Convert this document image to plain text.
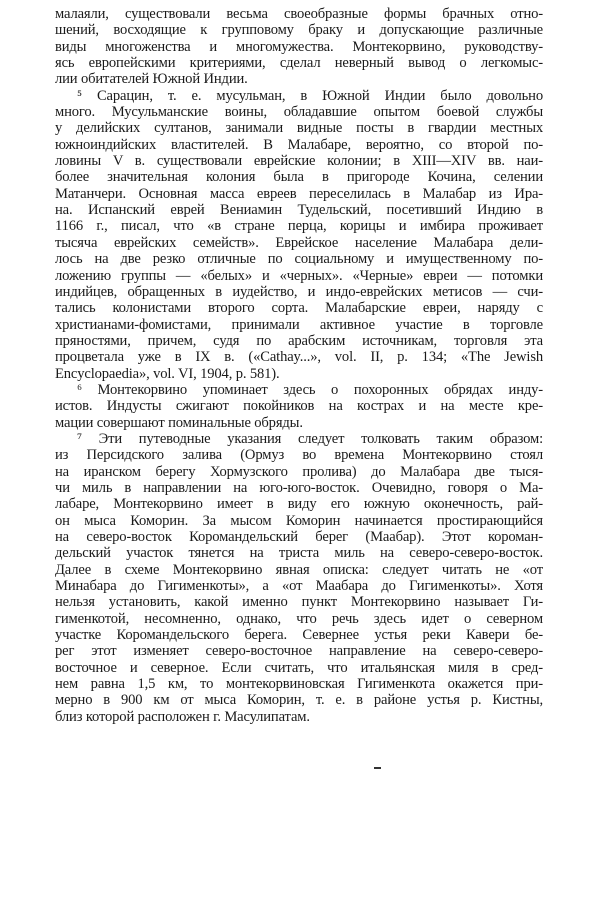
малаяли, существовали весьма своеобразные формы брачных отно-
шений, восходящие к групповому браку и допускающие различные
виды многоженства и многомужества. Монтекорвино, руководству-
ясь европейскими критериями, сделал неверный вывод о легкомыс-
лии обитателей Южной Индии.
⁵ Сарацин, т. е. мусульман, в Южной Индии было довольно
много. Мусульманские воины, обладавшие опытом боевой службы
у делийских султанов, занимали видные посты в гвардии местных
южноиндийских властителей. В Малабаре, вероятно, со второй по-
ловины V в. существовали еврейские колонии; в XIII—XIV вв. наи-
более значительная колония была в пригороде Кочина, селении
Матанчери. Основная масса евреев переселилась в Малабар из Ира-
на. Испанский еврей Вениамин Тудельский, посетивший Индию в
1166 г., писал, что «в стране перца, корицы и имбира проживает
тысяча еврейских семейств». Еврейское население Малабара дели-
лось на две резко отличные по социальному и имущественному по-
ложению группы — «белых» и «черных». «Черные» евреи — потомки
индийцев, обращенных в иудейство, и индо-еврейских метисов — счи-
тались колонистами второго сорта. Малабарские евреи, наряду с
христианами-фомистами, принимали активное участие в торговле
пряностями, причем, судя по арабским источникам, торговля эта
процветала уже в IX в. («Cathay...», vol. II, p. 134; «The Jewish
Encyclopaedia», vol. VI, 1904, p. 581).
⁶ Монтекорвино упоминает здесь о похоронных обрядах инду-
истов. Индусты сжигают покойников на кострах и на месте кре-
мации совершают поминальные обряды.
⁷ Эти путеводные указания следует толковать таким образом:
из Персидского залива (Ормуз во времена Монтекорвино стоял
на иранском берегу Хормузского пролива) до Малабара две тыся-
чи миль в направлении на юго-юго-восток. Очевидно, говоря о Ма-
лабаре, Монтекорвино имеет в виду его южную оконечность, рай-
он мыса Коморин. За мысом Коморин начинается простирающийся
на северо-восток Коромандельский берег (Маабар). Этот короман-
дельский участок тянется на триста миль на северо-северо-восток.
Далее в схеме Монтекорвино явная описка: следует читать не «от
Минабара до Гигименкоты», а «от Маабара до Гигименкоты». Хотя
нельзя установить, какой именно пункт Монтекорвино называет Ги-
гименкотой, несомненно, однако, что речь здесь идет о северном
участке Коромандельского берега. Севернее устья реки Кавери бе-
рег этот изменяет северо-восточное направление на северо-северо-
восточное и северное. Если считать, что итальянская миля в сред-
нем равна 1,5 км, то монтекорвиновская Гигименкота окажется при-
мерно в 900 км от мыса Коморин, т. е. в районе устья р. Кистны,
близ которой расположен г. Масулипатам.
